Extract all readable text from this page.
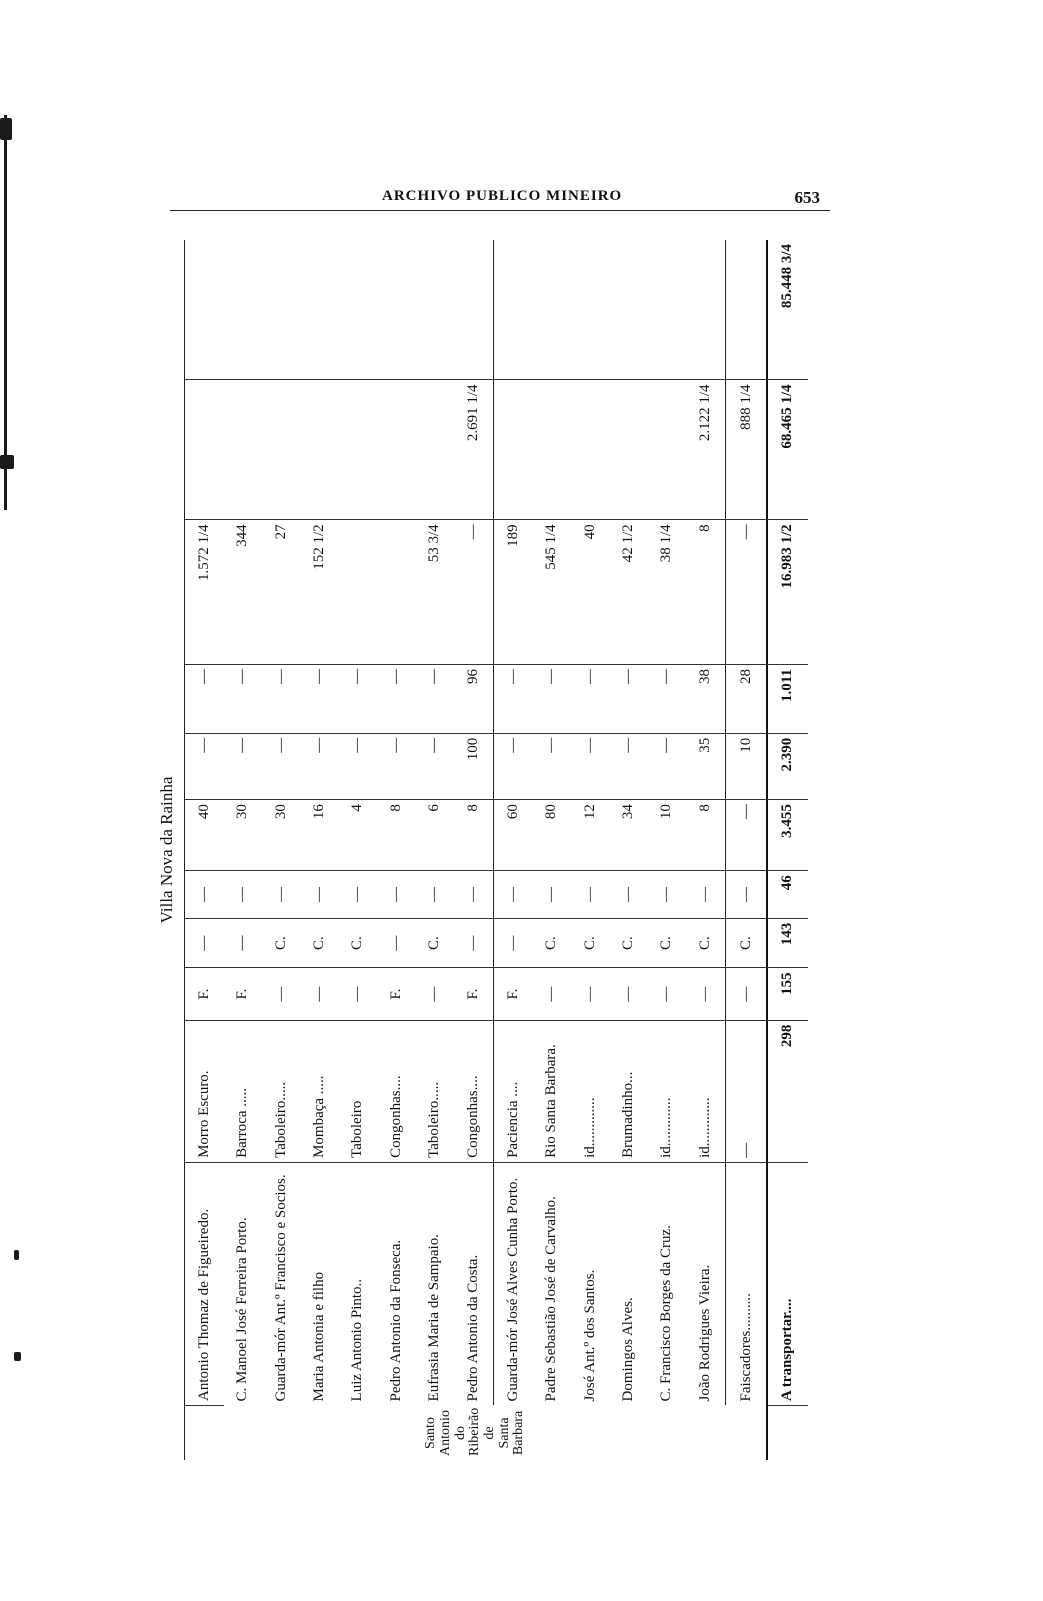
ARCHIVO PUBLICO MINEIRO	653
Villa Nova da Rainha
Santo Antonio do Ribeirão de Santa Barbara	Antonio Thomaz de Figueiredo.	Morro Escuro.	F.	—	—	40	—	—	1.572 1/4		
	C. Manoel José Ferreira Porto.	Barroca .....	F.	—	—	30	—	—	344		
	Guarda-mór Ant.º Francisco e Socios.	Taboleiro.....	—	C.	—	30	—	—	27		
	Maria Antonia e filho	Mombaça .....	—	C.	—	16	—	—	152 1/2		
	Luiz Antonio Pinto..	Taboleiro	—	C.	—	4	—	—			
	Pedro Antonio da Fonseca.	Congonhas....	F.	—	—	8	—	—			
	Eufrasia Maria de Sampaio.	Taboleiro.....	—	C.	—	6	—	—	53 3/4		
	Pedro Antonio da Costa.	Congonhas....	F.	—	—	8	100	96	—	2.691 1/4	
	Guarda-mór José Alves Cunha Porto.	Paciencia ....	F.	—	—	60	—	—	189		
	Padre Sebastião José de Carvalho.	Rio Santa Barbara.	—	C.	—	80	—	—	545 1/4		
	José Ant.º dos Santos.	id.............	—	C.	—	12	—	—	40		
	Domingos Alves.	Brumadinho...	—	C.	—	34	—	—	42 1/2		
	C. Francisco Borges da Cruz.	id.............	—	C.	—	10	—	—	38 1/4		
	João Rodrigues Vieira.	id.............	—	C.	—	8	35	38	8	2.122 1/4	
	Faiscadores..........	—	—	C.	—	—	10	28	—	888 1/4	
	A transportar....	298	155	143	46	3.455	2.390	1.011	16.983 1/2	68.465 1/4	85.448 3/4
